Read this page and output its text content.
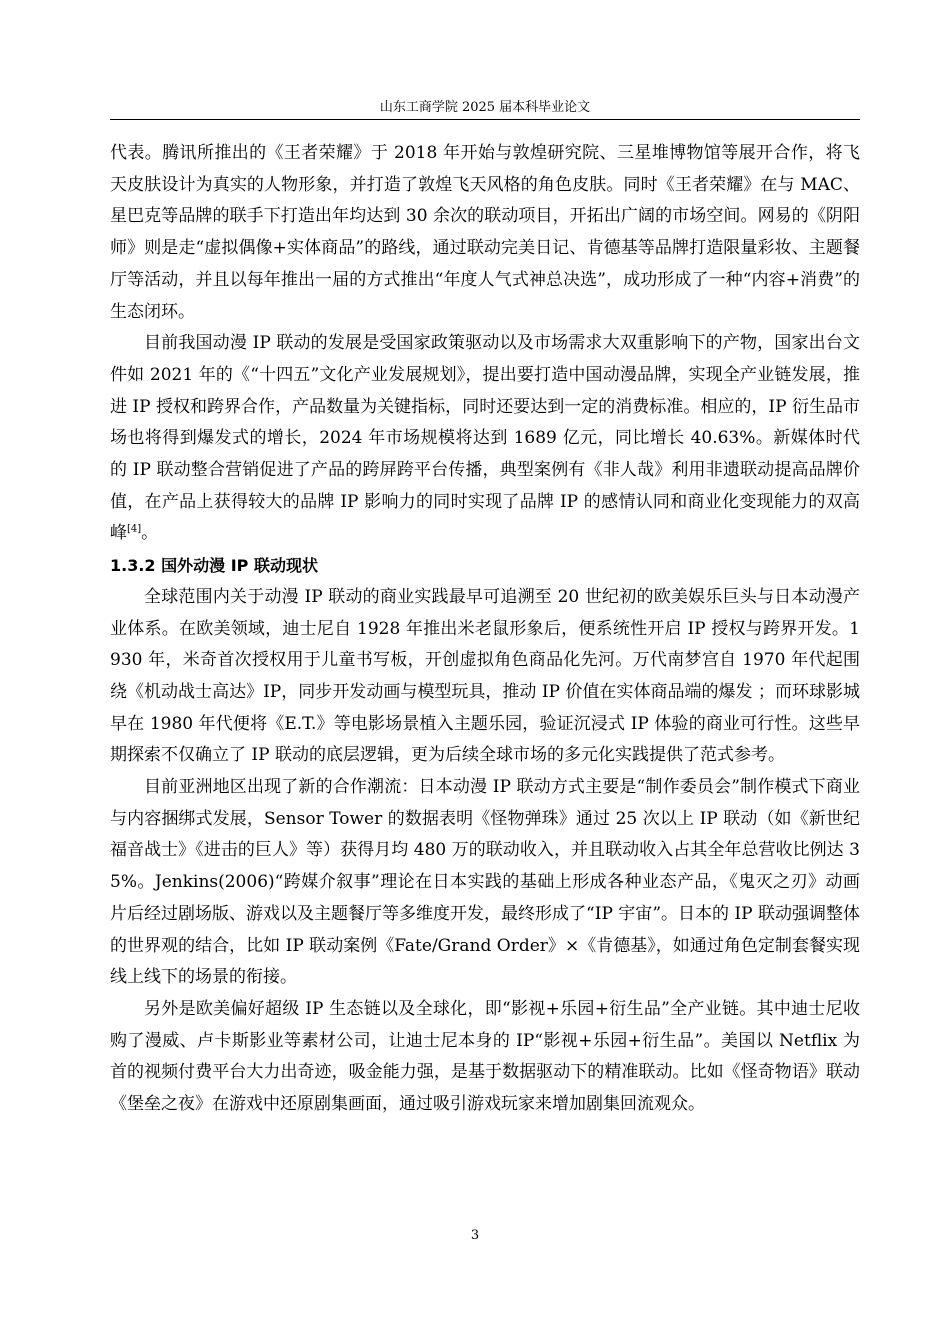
山东工商学院 2025 届本科毕业论文

代表。腾讯所推出的《王者荣耀》于 2018 年开始与敦煌研究院、三星堆博物馆等展开合作，将飞天皮肤设计为真实的人物形象，并打造了敦煌飞天风格的角色皮肤。同时《王者荣耀》在与 MAC、星巴克等品牌的联手下打造出年均达到 30 余次的联动项目，开拓出广阔的市场空间。网易的《阴阳师》则是走“虚拟偶像+实体商品”的路线，通过联动完美日记、肯德基等品牌打造限量彩妆、主题餐厅等活动，并且以每年推出一届的方式推出“年度人气式神总决选”，成功形成了一种“内容+消费”的生态闭环。

目前我国动漫 IP 联动的发展是受国家政策驱动以及市场需求大双重影响下的产物，国家出台文件如 2021 年的《“十四五”文化产业发展规划》，提出要打造中国动漫品牌，实现全产业链发展，推进 IP 授权和跨界合作，产品数量为关键指标，同时还要达到一定的消费标准。相应的，IP 衍生品市场也将得到爆发式的增长，2024 年市场规模将达到 1689 亿元，同比增长 40.63%。新媒体时代的 IP 联动整合营销促进了产品的跨屏跨平台传播，典型案例有《非人哉》利用非遗联动提高品牌价值，在产品上获得较大的品牌 IP 影响力的同时实现了品牌 IP 的感情认同和商业化变现能力的双高峰[4]。

1.3.2 国外动漫 IP 联动现状

全球范围内关于动漫 IP 联动的商业实践最早可追溯至 20 世纪初的欧美娱乐巨头与日本动漫产业体系。在欧美领域，迪士尼自 1928 年推出米老鼠形象后，便系统性开启 IP 授权与跨界开发。1930 年，米奇首次授权用于儿童书写板，开创虚拟角色商品化先河。万代南梦宫自 1970 年代起围绕《机动战士高达》IP，同步开发动画与模型玩具，推动 IP 价值在实体商品端的爆发 ；而环球影城早在 1980 年代便将《E.T.》等电影场景植入主题乐园，验证沉浸式 IP 体验的商业可行性。这些早期探索不仅确立了 IP 联动的底层逻辑，更为后续全球市场的多元化实践提供了范式参考。

目前亚洲地区出现了新的合作潮流：日本动漫 IP 联动方式主要是“制作委员会”制作模式下商业与内容捆绑式发展，Sensor Tower 的数据表明《怪物弹珠》通过 25 次以上 IP 联动（如《新世纪福音战士》《进击的巨人》等）获得月均 480 万的联动收入，并且联动收入占其全年总营收比例达 35%。Jenkins(2006)“跨媒介叙事”理论在日本实践的基础上形成各种业态产品，《鬼灭之刃》动画片后经过剧场版、游戏以及主题餐厅等多维度开发，最终形成了“IP 宇宙”。日本的 IP 联动强调整体的世界观的结合，比如 IP 联动案例《Fate/Grand Order》×《肯德基》，如通过角色定制套餐实现线上线下的场景的衔接。

另外是欧美偏好超级 IP 生态链以及全球化，即“影视+乐园+衍生品”全产业链。其中迪士尼收购了漫威、卢卡斯影业等素材公司，让迪士尼本身的 IP“影视+乐园+衍生品”。美国以 Netflix 为首的视频付费平台大力出奇迹，吸金能力强，是基于数据驱动下的精准联动。比如《怪奇物语》联动《堡垒之夜》在游戏中还原剧集画面，通过吸引游戏玩家来增加剧集回流观众。

3
